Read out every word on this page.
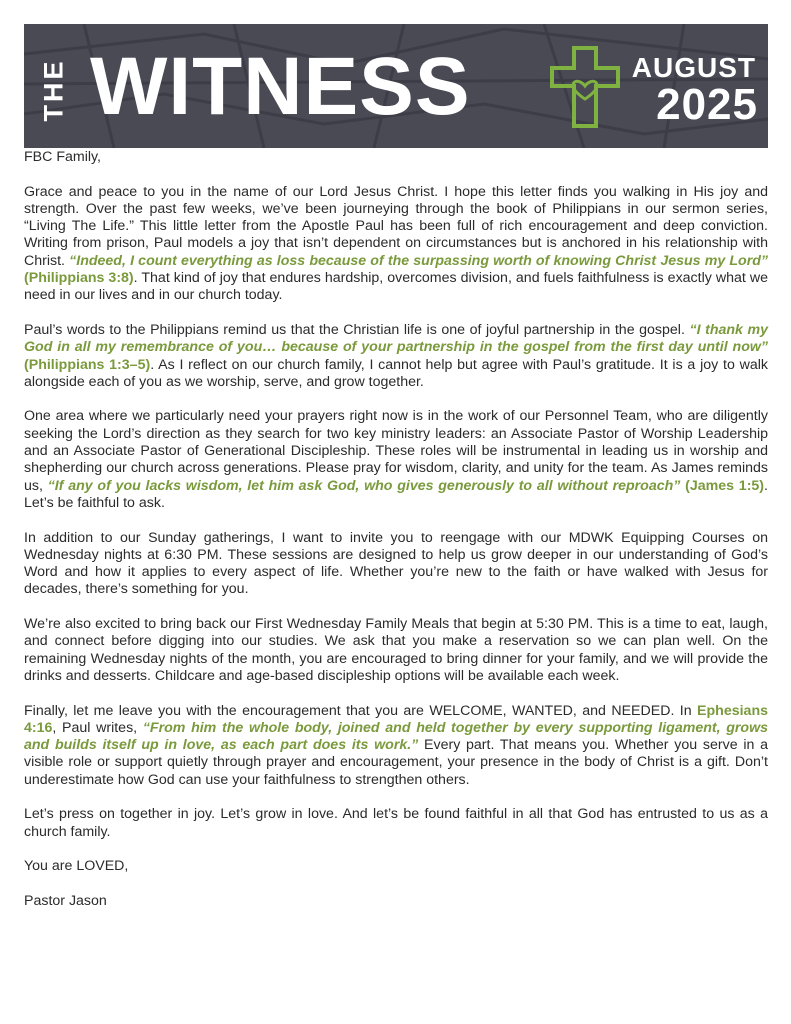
THE WITNESS	AUGUST
2025

FBC Family,

Grace and peace to you in the name of our Lord Jesus Christ. I hope this letter finds you walking in His joy and strength. Over the past few weeks, we’ve been journeying through the book of Philippians in our sermon series, “Living The Life.” This little letter from the Apostle Paul has been full of rich encouragement and deep conviction. Writing from prison, Paul models a joy that isn’t dependent on circumstances but is anchored in his relationship with Christ. “Indeed, I count everything as loss because of the surpassing worth of knowing Christ Jesus my Lord” (Philippians 3:8). That kind of joy that endures hardship, overcomes division, and fuels faithfulness is exactly what we need in our lives and in our church today.

Paul’s words to the Philippians remind us that the Christian life is one of joyful partnership in the gospel. “I thank my God in all my remembrance of you… because of your partnership in the gospel from the first day until now” (Philippians 1:3–5). As I reflect on our church family, I cannot help but agree with Paul’s gratitude. It is a joy to walk alongside each of you as we worship, serve, and grow together.

One area where we particularly need your prayers right now is in the work of our Personnel Team, who are diligently seeking the Lord’s direction as they search for two key ministry leaders: an Associate Pastor of Worship Leadership and an Associate Pastor of Generational Discipleship. These roles will be instrumental in leading us in worship and shepherding our church across generations. Please pray for wisdom, clarity, and unity for the team. As James reminds us, “If any of you lacks wisdom, let him ask God, who gives generously to all without reproach” (James 1:5). Let’s be faithful to ask.

In addition to our Sunday gatherings, I want to invite you to reengage with our MDWK Equipping Courses on Wednesday nights at 6:30 PM. These sessions are designed to help us grow deeper in our understanding of God’s Word and how it applies to every aspect of life. Whether you’re new to the faith or have walked with Jesus for decades, there’s something for you.

We’re also excited to bring back our First Wednesday Family Meals that begin at 5:30 PM. This is a time to eat, laugh, and connect before digging into our studies. We ask that you make a reservation so we can plan well. On the remaining Wednesday nights of the month, you are encouraged to bring dinner for your family, and we will provide the drinks and desserts. Childcare and age-based discipleship options will be available each week.

Finally, let me leave you with the encouragement that you are WELCOME, WANTED, and NEEDED. In Ephesians 4:16, Paul writes, “From him the whole body, joined and held together by every supporting ligament, grows and builds itself up in love, as each part does its work.” Every part. That means you. Whether you serve in a visible role or support quietly through prayer and encouragement, your presence in the body of Christ is a gift. Don’t underestimate how God can use your faithfulness to strengthen others.

Let’s press on together in joy. Let’s grow in love. And let’s be found faithful in all that God has entrusted to us as a church family.

You are LOVED,

Pastor Jason
